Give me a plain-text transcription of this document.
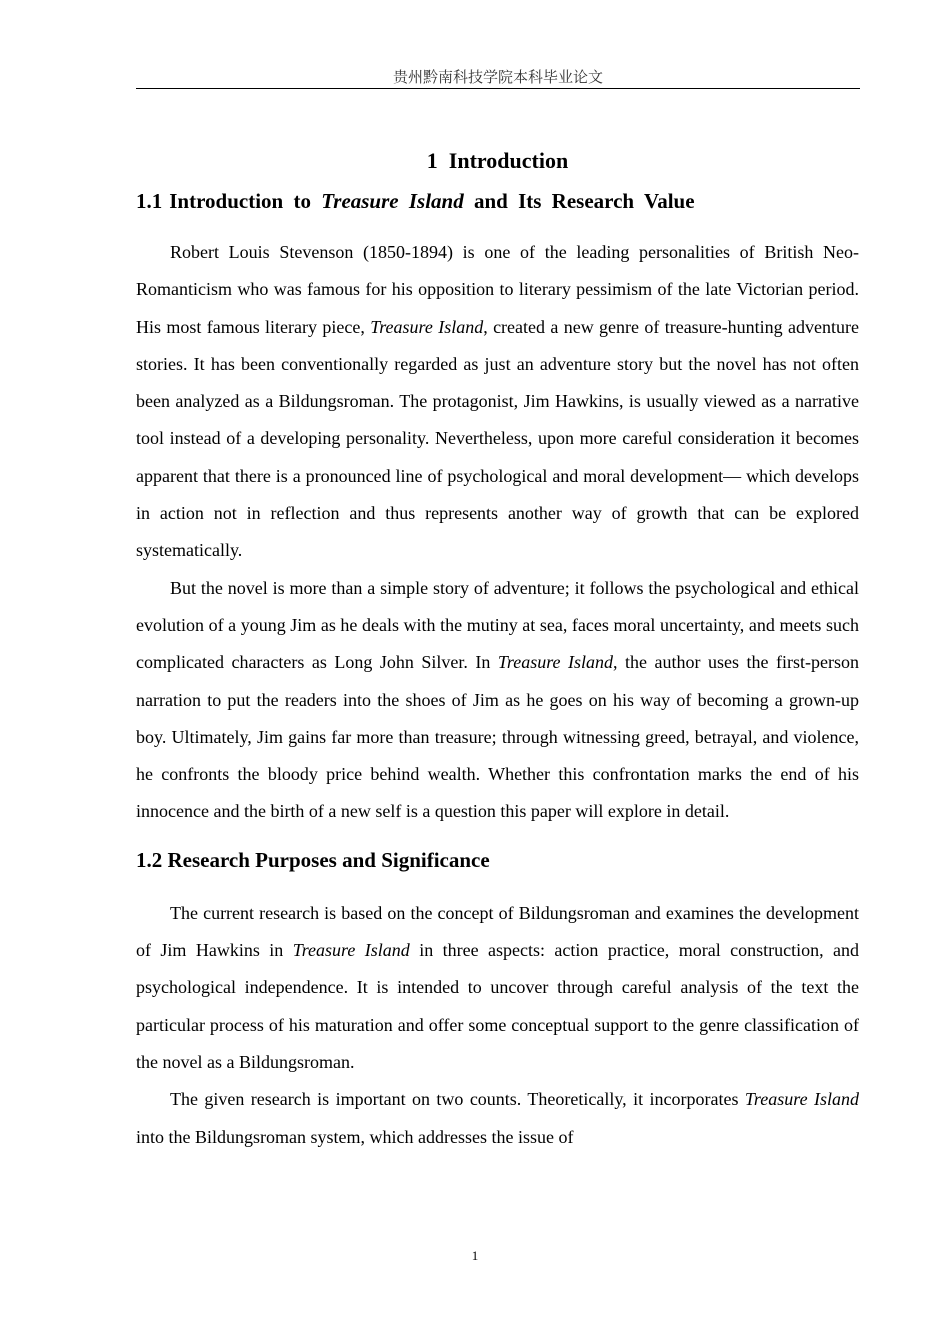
贵州黔南科技学院本科毕业论文
1 Introduction
1.1 Introduction to Treasure Island and Its Research Value

Robert Louis Stevenson (1850-1894) is one of the leading personalities of British Neo-Romanticism who was famous for his opposition to literary pessimism of the late Victorian period. His most famous literary piece, Treasure Island, created a new genre of treasure-hunting adventure stories. It has been conventionally regarded as just an adventure story but the novel has not often been analyzed as a Bildungsroman. The protagonist, Jim Hawkins, is usually viewed as a narrative tool instead of a developing personality. Nevertheless, upon more careful consideration it becomes apparent that there is a pronounced line of psychological and moral development— which develops in action not in reflection and thus represents another way of growth that can be explored systematically.

But the novel is more than a simple story of adventure; it follows the psychological and ethical evolution of a young Jim as he deals with the mutiny at sea, faces moral uncertainty, and meets such complicated characters as Long John Silver. In Treasure Island, the author uses the first-person narration to put the readers into the shoes of Jim as he goes on his way of becoming a grown-up boy. Ultimately, Jim gains far more than treasure; through witnessing greed, betrayal, and violence, he confronts the bloody price behind wealth. Whether this confrontation marks the end of his innocence and the birth of a new self is a question this paper will explore in detail.

1.2 Research Purposes and Significance

The current research is based on the concept of Bildungsroman and examines the development of Jim Hawkins in Treasure Island in three aspects: action practice, moral construction, and psychological independence. It is intended to uncover through careful analysis of the text the particular process of his maturation and offer some conceptual support to the genre classification of the novel as a Bildungsroman.

The given research is important on two counts. Theoretically, it incorporates Treasure Island into the Bildungsroman system, which addresses the issue of

1
